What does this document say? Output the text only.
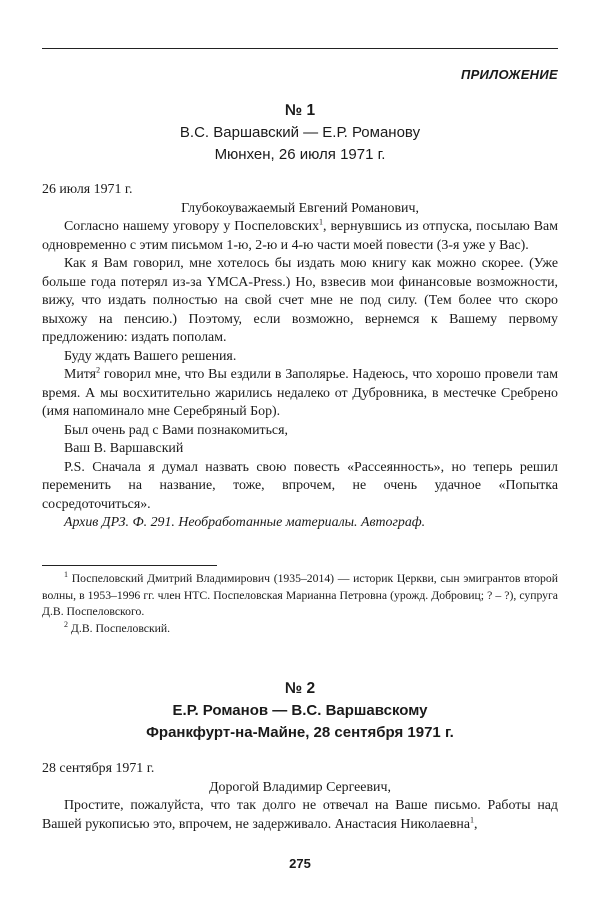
ПРИЛОЖЕНИЕ
№ 1
В.С. Варшавский — Е.Р. Романову
Мюнхен, 26 июля 1971 г.

26 июля 1971 г.

Глубокоуважаемый Евгений Романович,

Согласно нашему уговору у Поспеловских$^1$, вернувшись из отпуска, посылаю Вам одновременно с этим письмом 1-ю, 2-ю и 4-ю части моей повести (3-я уже у Вас).

Как я Вам говорил, мне хотелось бы издать мою книгу как можно скорее. (Уже больше года потерял из-за YMCA-Press.) Но, взвесив мои финансовые возможности, вижу, что издать полностью на свой счет мне не под силу. (Тем более что скоро выхожу на пенсию.) Поэтому, если возможно, вернемся к Вашему первому предложению: издать пополам.

Буду ждать Вашего решения.

Митя$^2$ говорил мне, что Вы ездили в Заполярье. Надеюсь, что хорошо провели там время. А мы восхитительно жарились недалеко от Дубровника, в местечке Сребрено (имя напоминало мне Серебряный Бор).

Был очень рад с Вами познакомиться,

Ваш В. Варшавский

P.S. Сначала я думал назвать свою повесть «Рассеянность», но теперь решил переменить на название, тоже, впрочем, не очень удачное «Попытка сосредоточиться».

Архив ДРЗ. Ф. 291. Необработанные материалы. Автограф.

$^1$ Поспеловский Дмитрий Владимирович (1935–2014) — историк Церкви, сын эмигрантов второй волны, в 1953–1996 гг. член НТС. Поспеловская Марианна Петровна (урожд. Добровиц; ? – ?), супруга Д.В. Поспеловского.

$^2$ Д.В. Поспеловский.

№ 2
Е.Р. Романов — В.С. Варшавскому
Франкфурт-на-Майне, 28 сентября 1971 г.

28 сентября 1971 г.

Дорогой Владимир Сергеевич,

Простите, пожалуйста, что так долго не отвечал на Ваше письмо. Работы над Вашей рукописью это, впрочем, не задерживало. Анастасия Николаевна$^1$,

275
